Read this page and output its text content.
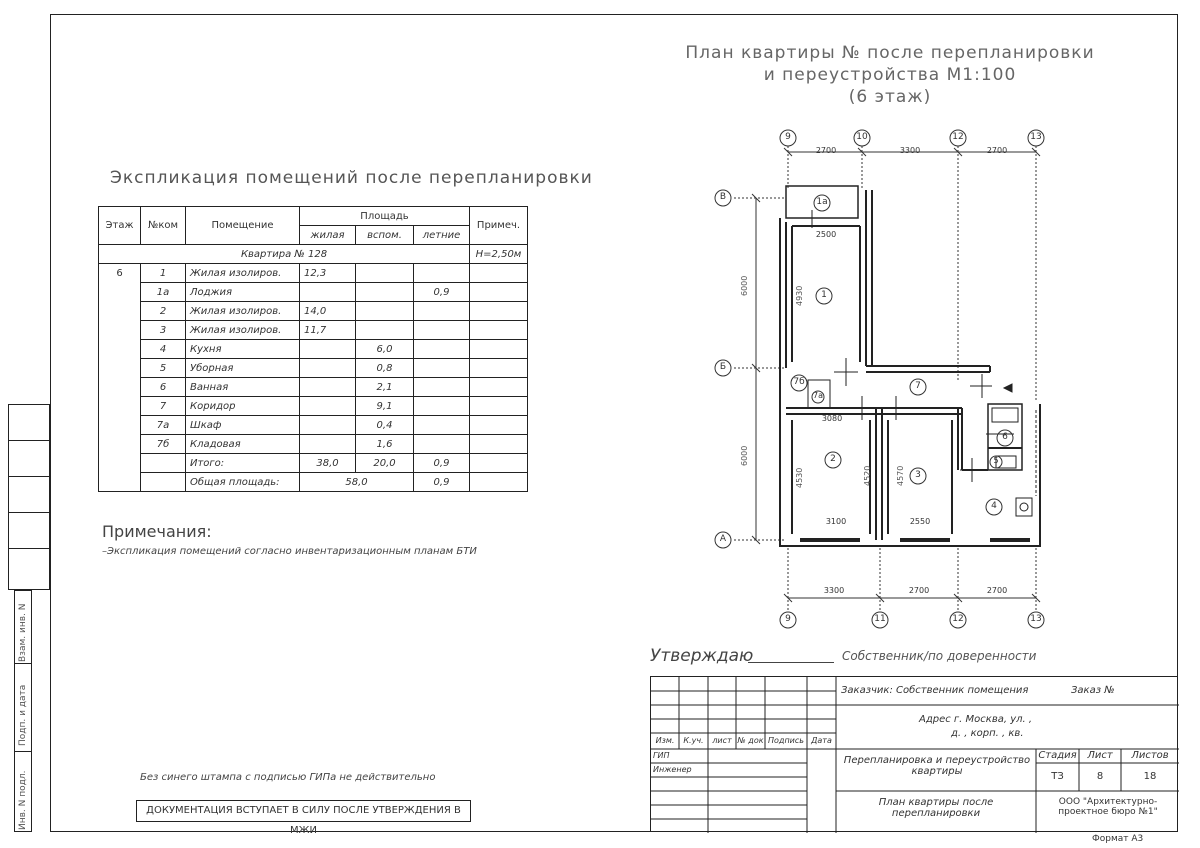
План квартиры № после перепланировки
и переустройства М1:100
(6 этаж)
9	10	12	13
9	11	12	13
В
Б
А
2700	3300	2700
3300	2700	2700
6000
6000
2500
4930
3080
4530	4520	4570
3100	2550
1а
1
7б	7
7а
2
3
6
5
4
Экспликация помещений после перепланировки
Этаж	№ком	Помещение	Площадь			Примеч.
			жилая	вспом.	летние	
Квартира № 128						Н=2,50м
6	1	Жилая изолиров.	12,3			
	1а	Лоджия			0,9	
	2	Жилая изолиров.	14,0			
	3	Жилая изолиров.	11,7			
	4	Кухня		6,0		
	5	Уборная		0,8		
	6	Ванная		2,1		
	7	Коридор		9,1		
	7а	Шкаф		0,4		
	7б	Кладовая		1,6		
		Итого:	38,0	20,0	0,9	
		Общая площадь:	58,0		0,9	
Примечания:
–Экспликация помещений согласно инвентаризационным планам БТИ
Взам. инв. N
Подп. и дата
Инв. N подл.
Утверждаю	Собственник/по доверенности
Без синего штампа с подписью ГИПа не действительно
ДОКУМЕНТАЦИЯ ВСТУПАЕТ В СИЛУ ПОСЛЕ УТВЕРЖДЕНИЯ В МЖИ
Изм.	К.уч.	лист № док Подпись Дата
ГИП
Инженер
Заказчик: Собственник помещения	Заказ №
Адрес г. Москва, ул. ,
д. , корп. , кв.
Перепланировка и переустройство квартиры
Стадия	Лист	Листов
ТЗ	8	18
План квартиры после перепланировки
ООО "Архитектурно-проектное бюро №1"
Формат А3
